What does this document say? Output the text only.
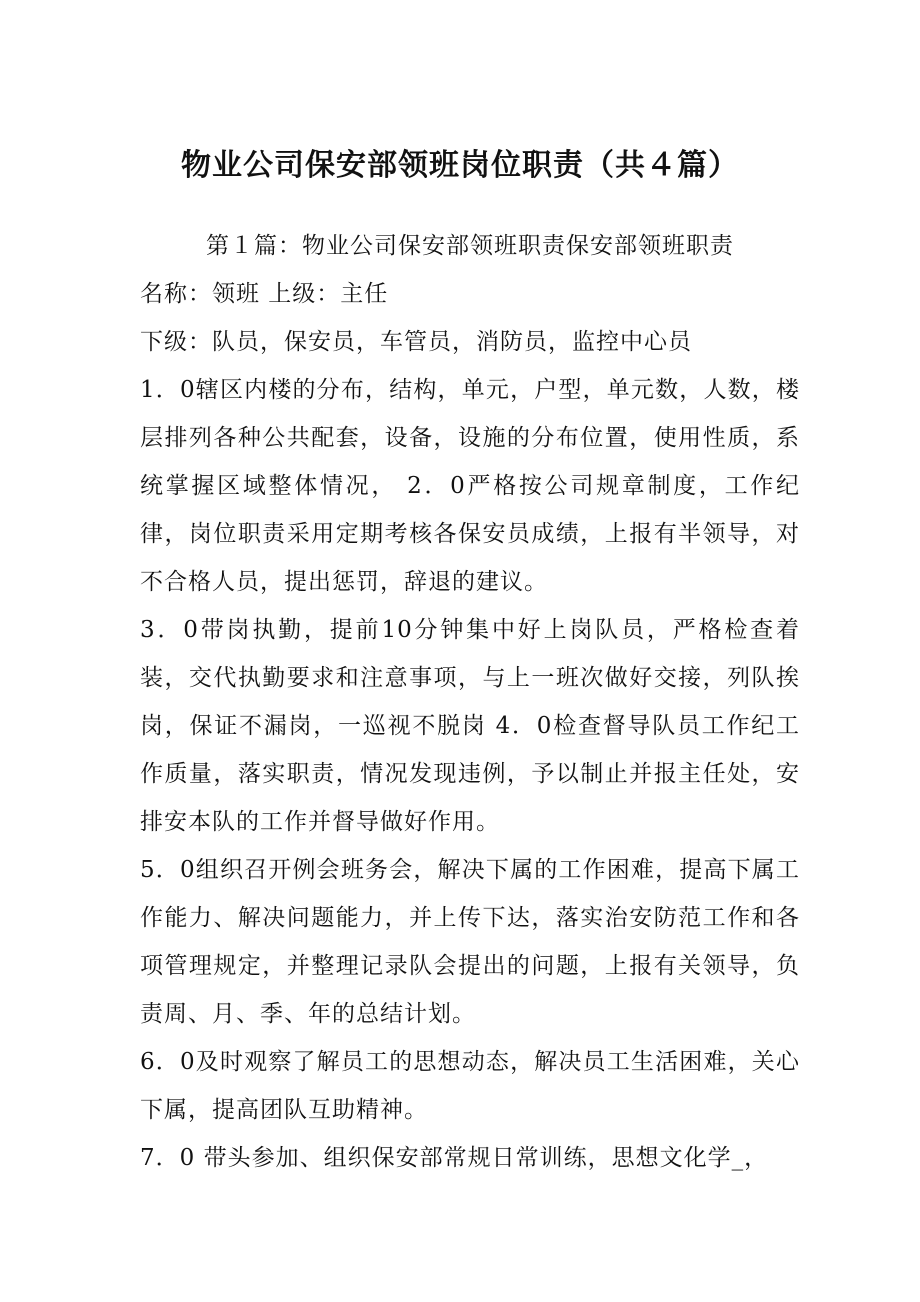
物业公司保安部领班岗位职责（共４篇）

第１篇：物业公司保安部领班职责保安部领班职责

名称：领班 上级：主任

下级：队员，保安员，车管员，消防员，监控中心员

1．0辖区内楼的分布，结构，单元，户型，单元数，人数，楼层排列各种公共配套，设备，设施的分布位置，使用性质，系统掌握区域整体情况， 2．0严格按公司规章制度，工作纪律，岗位职责采用定期考核各保安员成绩，上报有半领导，对不合格人员，提出惩罚，辞退的建议。

3．0带岗执勤，提前10分钟集中好上岗队员，严格检查着装，交代执勤要求和注意事项，与上一班次做好交接，列队挨岗，保证不漏岗，一巡视不脱岗 4．0检查督导队员工作纪工作质量，落实职责，情况发现违例，予以制止并报主任处，安排安本队的工作并督导做好作用。

5．0组织召开例会班务会，解决下属的工作困难，提高下属工作能力、解决问题能力，并上传下达，落实治安防范工作和各项管理规定，并整理记录队会提出的问题，上报有关领导，负责周、月、季、年的总结计划。

6．0及时观察了解员工的思想动态，解决员工生活困难，关心下属，提高团队互助精神。

7．0 带头参加、组织保安部常规日常训练，思想文化学_，
